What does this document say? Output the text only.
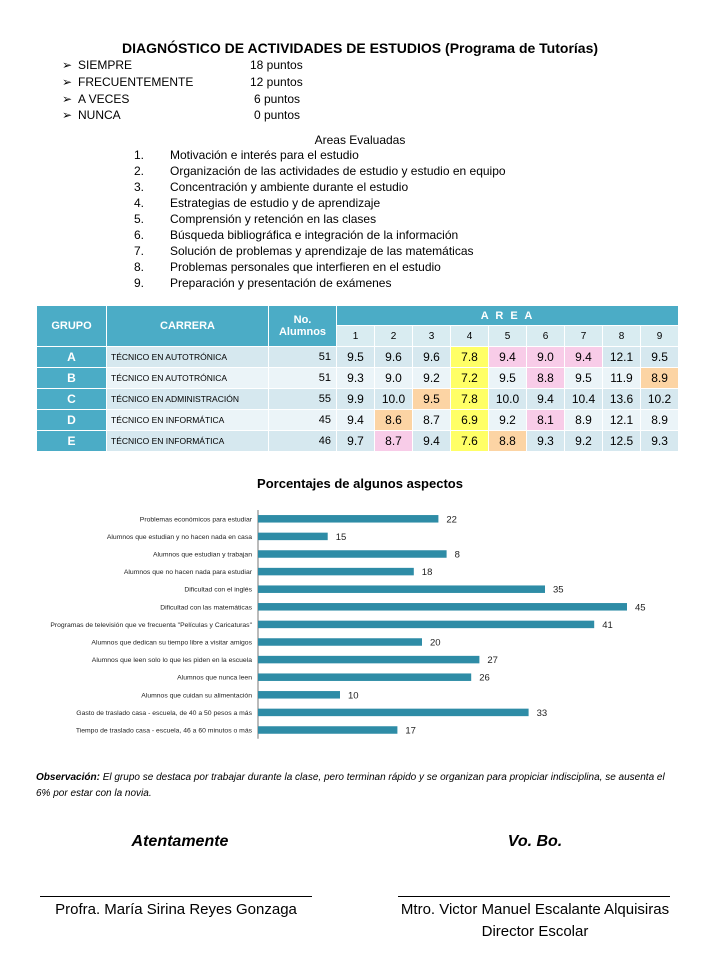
DIAGNÓSTICO DE ACTIVIDADES DE ESTUDIOS (Programa de Tutorías)
➢ SIEMPRE	18 puntos
➢ FRECUENTEMENTE	12 puntos
➢ A VECES	6 puntos
➢ NUNCA	0 puntos
Areas Evaluadas
1. Motivación e interés para el estudio
2. Organización de las actividades de estudio y estudio en equipo
3. Concentración y ambiente durante el estudio
4. Estrategias de estudio y de aprendizaje
5. Comprensión y retención en las clases
6. Búsqueda bibliográfica e integración de la información
7. Solución de problemas y aprendizaje de las matemáticas
8. Problemas personales que interfieren en el estudio
9. Preparación y presentación de exámenes
GRUPO	CARRERA	No. Alumnos	A R E A								
			1	2	3	4	5	6	7	8	9
A	TÉCNICO EN AUTOTRÓNICA	51	9.5	9.6	9.6	7.8	9.4	9.0	9.4	12.1	9.5
B	TÉCNICO EN AUTOTRÓNICA	51	9.3	9.0	9.2	7.2	9.5	8.8	9.5	11.9	8.9
C	TÉCNICO EN ADMINISTRACIÓN	55	9.9	10.0	9.5	7.8	10.0	9.4	10.4	13.6	10.2
D	TÉCNICO EN INFORMÁTICA	45	9.4	8.6	8.7	6.9	9.2	8.1	8.9	12.1	8.9
E	TÉCNICO EN INFORMÁTICA	46	9.7	8.7	9.4	7.6	8.8	9.3	9.2	12.5	9.3
Porcentajes de algunos aspectos
Problemas económicos para estudiar	22
Alumnos que estudian y no hacen nada en casa	15
Alumnos que estudian y trabajan	8
Alumnos que no hacen nada para estudiar	18
Dificultad con el inglés	35
Dificultad con las matemáticas	45
Programas de televisión que ve frecuenta "Películas y Caricaturas"	41
Alumnos que dedican su tiempo libre a visitar amigos	20
Alumnos que leen solo lo que les piden en la escuela	27
Alumnos que nunca leen	26
Alumnos que cuidan su alimentación	10
Gasto de traslado casa - escuela, de 40 a 50 pesos a más	33
Tiempo de traslado casa - escuela, 46 a 60 minutos o más	17
Observación: El grupo se destaca por trabajar durante la clase, pero terminan rápido y se organizan para propiciar indisciplina, se ausenta el 6% por estar con la novia.
Atentamente	Vo. Bo.
Profra. María Sirina Reyes Gonzaga	Mtro. Victor Manuel Escalante Alquisiras
Director Escolar
